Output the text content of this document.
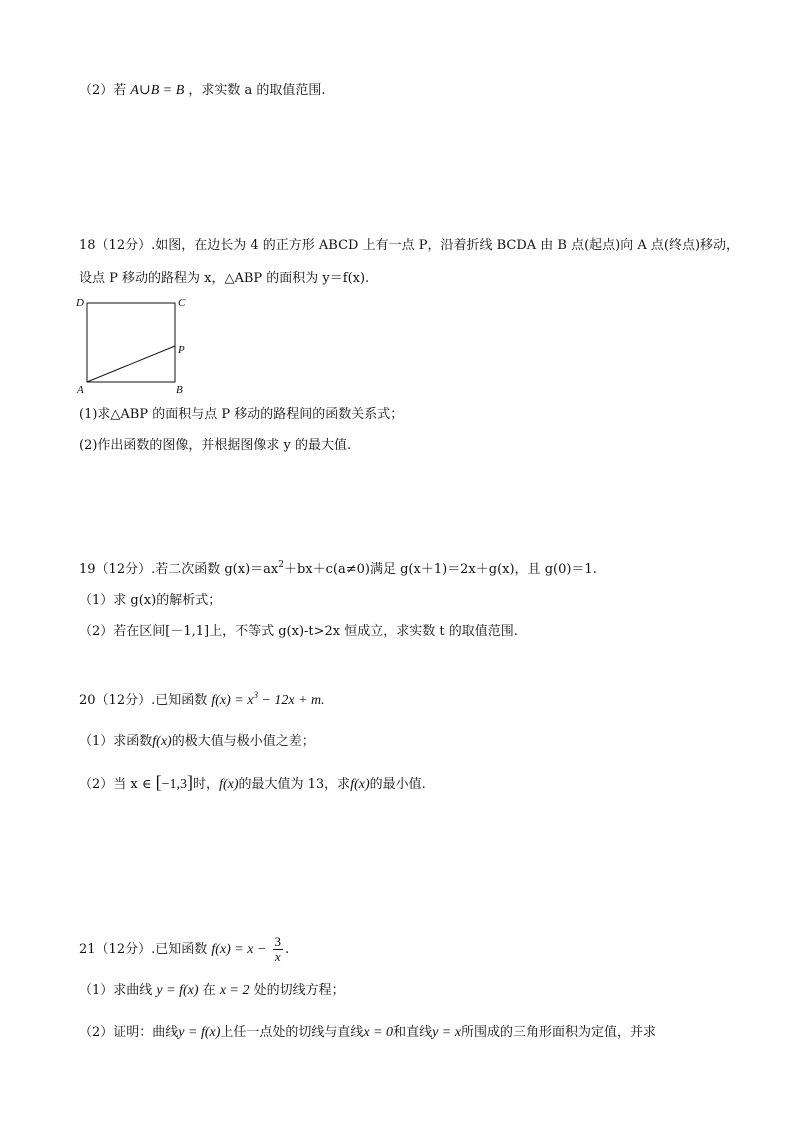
（2）若 A∪B = B ，求实数 a 的取值范围.
18（12分）.如图，在边长为 4 的正方形 ABCD 上有一点 P，沿着折线 BCDA 由 B 点(起点)向 A 点(终点)移动，
设点 P 移动的路程为 x，△ABP 的面积为 y＝f(x).
D	C
P
A	B
(1)求△ABP 的面积与点 P 移动的路程间的函数关系式；
(2)作出函数的图像，并根据图像求 y 的最大值.
19（12分）.若二次函数 $g(x)=ax^2+bx+c(a\ne 0)$满足 g(x＋1)＝2x＋g(x)，且 g(0)＝1.
（1）求 g(x)的解析式；
（2）若在区间[－1,1]上，不等式 g(x)-t>2x 恒成立，求实数 t 的取值范围.
20（12分）.已知函数 $f(x) = x^3 - 12x + m$.
（1）求函数f(x)的极大值与极小值之差；
（2）当 x ∈ [−1,3]时，f(x)的最大值为 13，求f(x)的最小值.
21（12分）.已知函数 $f(x) = x - \frac{3}{x}$ .
（1）求曲线 y = f(x) 在 x = 2 处的切线方程；
（2）证明：曲线y = f(x)上任一点处的切线与直线x = 0和直线y = x所围成的三角形面积为定值，并求
